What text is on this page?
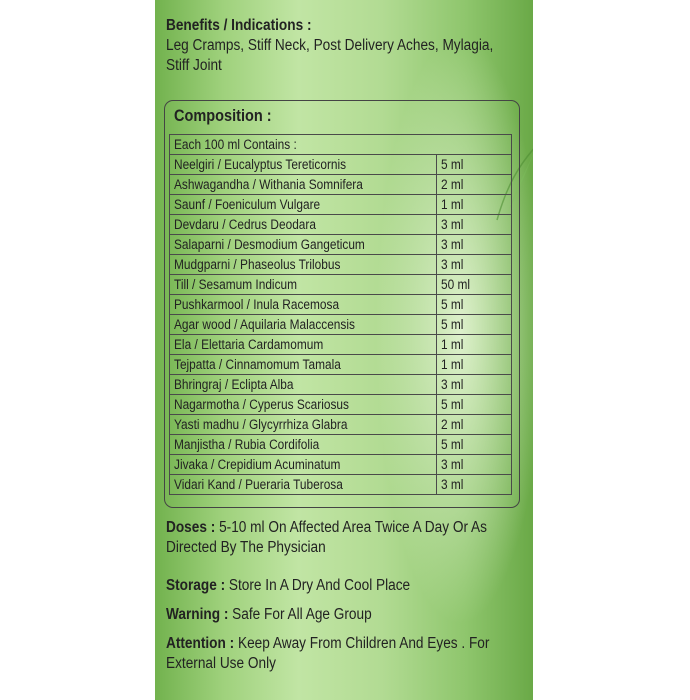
Benefits / Indications :
Leg Cramps, Stiff Neck, Post Delivery Aches, Mylagia, Stiff Joint
Composition :
Each 100 ml Contains :	
Neelgiri / Eucalyptus Tereticornis	5 ml
Ashwagandha / Withania Somnifera	2 ml
Saunf / Foeniculum Vulgare	1 ml
Devdaru / Cedrus Deodara	3 ml
Salaparni / Desmodium Gangeticum	3 ml
Mudgparni / Phaseolus Trilobus	3 ml
Till / Sesamum Indicum	50 ml
Pushkarmool / Inula Racemosa	5 ml
Agar wood / Aquilaria Malaccensis	5 ml
Ela / Elettaria Cardamomum	1 ml
Tejpatta / Cinnamomum Tamala	1 ml
Bhringraj / Eclipta Alba	3 ml
Nagarmotha / Cyperus Scariosus	5 ml
Yasti madhu / Glycyrrhiza Glabra	2 ml
Manjistha / Rubia Cordifolia	5 ml
Jivaka / Crepidium Acuminatum	3 ml
Vidari Kand / Pueraria Tuberosa	3 ml
Doses : 5-10 ml On Affected Area Twice A Day Or As Directed By The Physician
Storage : Store In A Dry And Cool Place
Warning : Safe For All Age Group
Attention : Keep Away From Children And Eyes . For External Use Only
